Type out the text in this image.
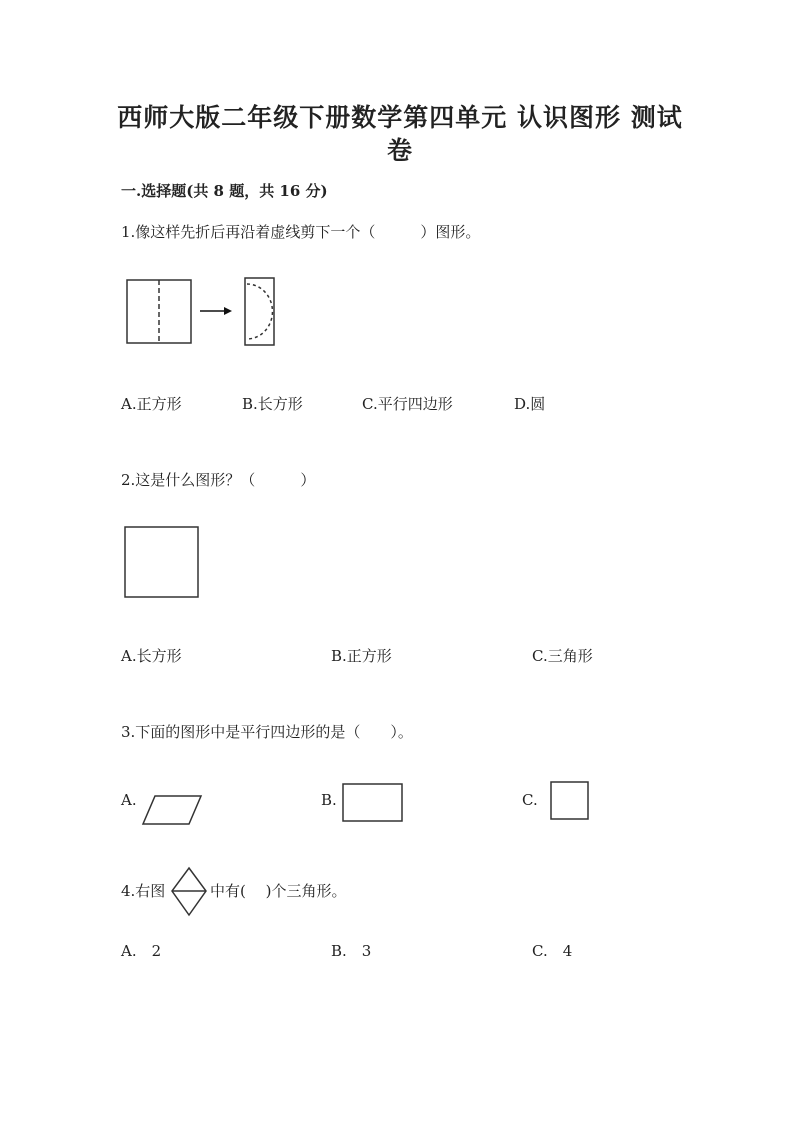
西师大版二年级下册数学第四单元 认识图形 测试
卷
一.选择题(共 8 题，共 16 分)
1.像这样先折后再沿着虚线剪下一个（　　　）图形。
A.正方形	B.长方形	C.平行四边形	D.圆
2.这是什么图形？（　　　）
A.长方形	B.正方形	C.三角形
3.下面的图形中是平行四边形的是（　　）。
A.	B.	C.
4.右图	中有(　 )个三角形。
A.　2	B.　3	C.　4
